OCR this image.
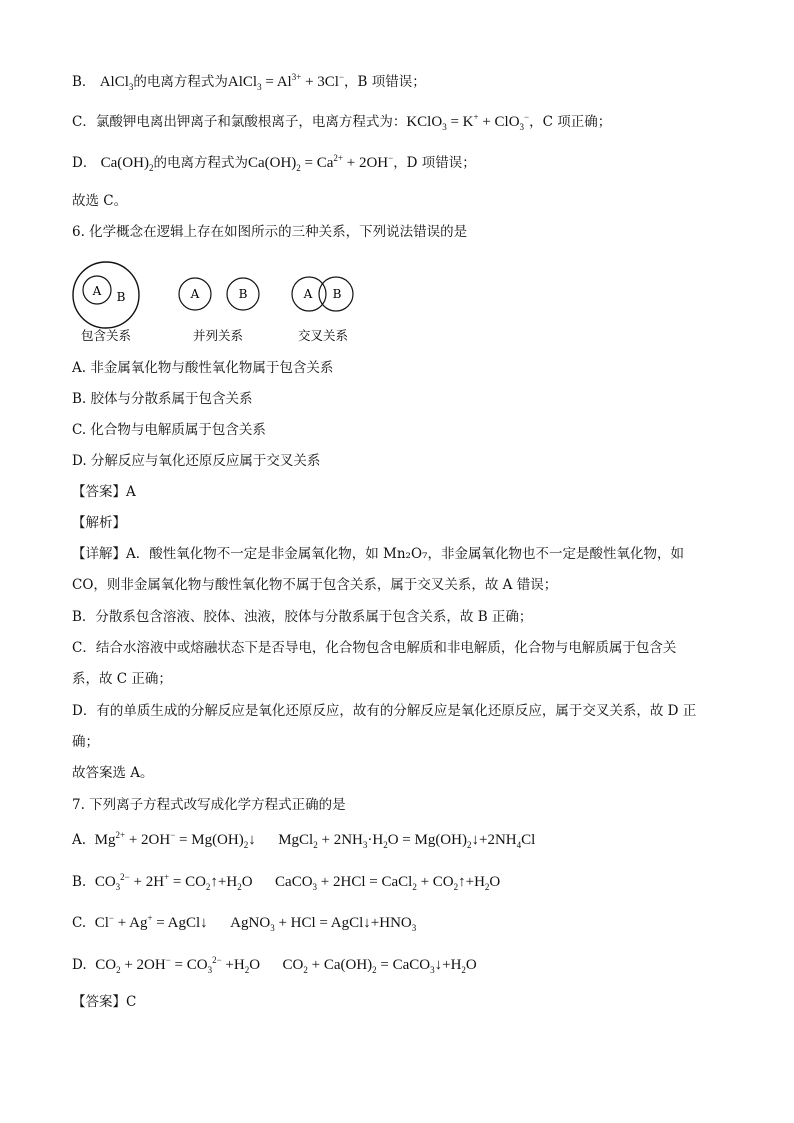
B． AlCl$_3$的电离方程式为AlCl$_3$ = $Al^{3+} + 3Cl^-$，B 项错误；
C．氯酸钾电离出钾离子和氯酸根离子，电离方程式为：KClO$_3$ = K+ + ClO$_3$−，C 项正确；
D． $Ca(OH)_2$的电离方程式为$Ca(OH)_2 = Ca^{2+} + 2OH^-$，D 项错误；
故选 C。
6. 化学概念在逻辑上存在如图所示的三种关系，下列说法错误的是
A B
包含关系
A	B
并列关系
A B
交叉关系
A. 非金属氧化物与酸性氧化物属于包含关系
B. 胶体与分散系属于包含关系
C. 化合物与电解质属于包含关系
D. 分解反应与氧化还原反应属于交叉关系
【答案】A
【解析】
【详解】A．酸性氧化物不一定是非金属氧化物，如 Mn₂O₇，非金属氧化物也不一定是酸性氧化物，如
CO，则非金属氧化物与酸性氧化物不属于包含关系，属于交叉关系，故 A 错误；
B．分散系包含溶液、胶体、浊液，胶体与分散系属于包含关系，故 B 正确；
C．结合水溶液中或熔融状态下是否导电，化合物包含电解质和非电解质，化合物与电解质属于包含关
系，故 C 正确；
D．有的单质生成的分解反应是氧化还原反应，故有的分解反应是氧化还原反应，属于交叉关系，故 D 正
确；
故答案选 A。
7. 下列离子方程式改写成化学方程式正确的是
A. $Mg^{2+} + 2OH^-$ = $Mg(OH)_2↓$      MgCl$_2$ + $2NH_3\cdot H_2O$ = $Mg(OH)_2↓+2NH_4Cl$
B. $CO_3^{2-} + 2H^+$ = $CO_2↑+H_2O$      CaCO$_3$ + 2HCl = CaCl$_2$ + $CO_2↑+H_2O$
C. Cl− + Ag+ = AgCl↓      AgNO$_3$ + HCl = $AgCl↓+HNO_3$
D. $CO_2 + 2OH^- = CO_3^{2-} +H_2O$      $CO_2 + Ca(OH)_2$ = $CaCO_3↓+H_2O$
【答案】C
